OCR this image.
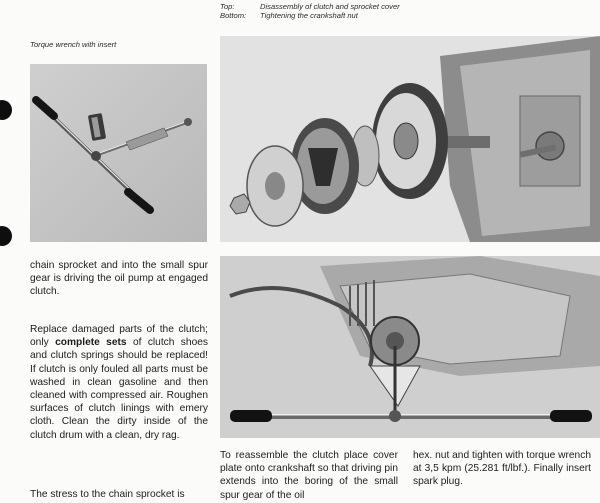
Torque wrench with insert
Top:	Disassembly of clutch and sprocket cover
Bottom:	Tightening the crankshaft nut
chain sprocket and into the small spur gear is driving the oil pump at engaged clutch.
Replace damaged parts of the clutch; only complete sets of clutch shoes and clutch springs should be replaced! If clutch is only fouled all parts must be washed in clean gasoline and then cleaned with compressed air. Roughen surfaces of clutch linings with emery cloth. Clean the dirty inside of the clutch drum with a clean, dry rag.
The stress to the chain sprocket is
To reassemble the clutch place cover plate onto crankshaft so that driving pin extends into the boring of the small spur gear of the oil
hex. nut and tighten with torque wrench at 3,5 kpm (25.281 ft/lbf.). Finally insert spark plug.
